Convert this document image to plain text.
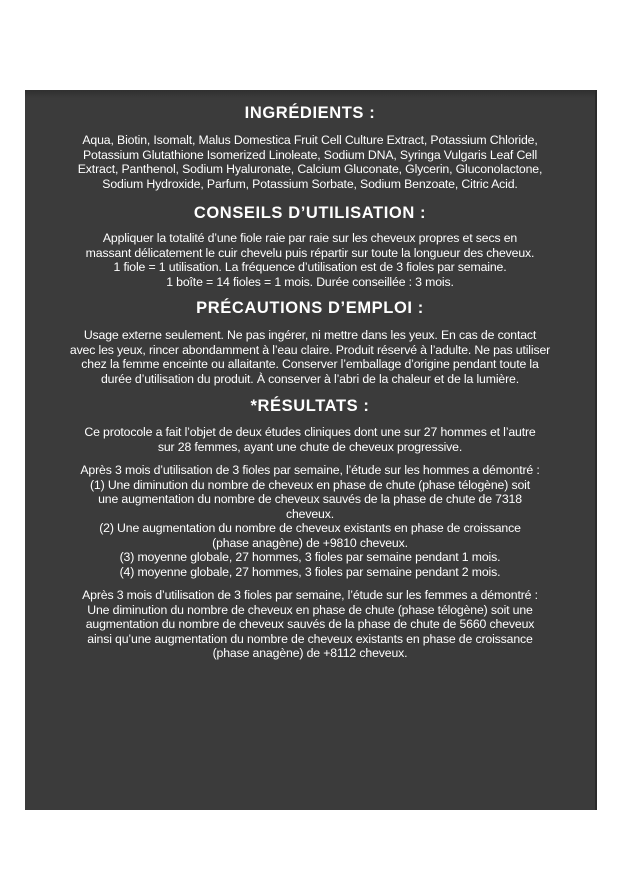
INGRÉDIENTS :

Aqua, Biotin, Isomalt, Malus Domestica Fruit Cell Culture Extract, Potassium Chloride,
Potassium Glutathione Isomerized Linoleate, Sodium DNA, Syringa Vulgaris Leaf Cell
Extract, Panthenol, Sodium Hyaluronate, Calcium Gluconate, Glycerin, Gluconolactone,
Sodium Hydroxide, Parfum, Potassium Sorbate, Sodium Benzoate, Citric Acid.

CONSEILS D’UTILISATION :

Appliquer la totalité d’une fiole raie par raie sur les cheveux propres et secs en
massant délicatement le cuir chevelu puis répartir sur toute la longueur des cheveux.
1 fiole = 1 utilisation. La fréquence d’utilisation est de 3 fioles par semaine.
1 boîte = 14 fioles = 1 mois. Durée conseillée : 3 mois.

PRÉCAUTIONS D’EMPLOI :

Usage externe seulement. Ne pas ingérer, ni mettre dans les yeux. En cas de contact
avec les yeux, rincer abondamment à l’eau claire. Produit réservé à l’adulte. Ne pas utiliser
chez la femme enceinte ou allaitante. Conserver l’emballage d’origine pendant toute la
durée d’utilisation du produit. À conserver à l’abri de la chaleur et de la lumière.

*RÉSULTATS :

Ce protocole a fait l’objet de deux études cliniques dont une sur 27 hommes et l’autre
sur 28 femmes, ayant une chute de cheveux progressive.

Après 3 mois d’utilisation de 3 fioles par semaine, l’étude sur les hommes a démontré :
(1) Une diminution du nombre de cheveux en phase de chute (phase télogène) soit
une augmentation du nombre de cheveux sauvés de la phase de chute de 7318
cheveux.
(2) Une augmentation du nombre de cheveux existants en phase de croissance
(phase anagène) de +9810 cheveux.
(3) moyenne globale, 27 hommes, 3 fioles par semaine pendant 1 mois.
(4) moyenne globale, 27 hommes, 3 fioles par semaine pendant 2 mois.

Après 3 mois d’utilisation de 3 fioles par semaine, l’étude sur les femmes a démontré :
Une diminution du nombre de cheveux en phase de chute (phase télogène) soit une
augmentation du nombre de cheveux sauvés de la phase de chute de 5660 cheveux
ainsi qu’une augmentation du nombre de cheveux existants en phase de croissance
(phase anagène) de +8112 cheveux.
